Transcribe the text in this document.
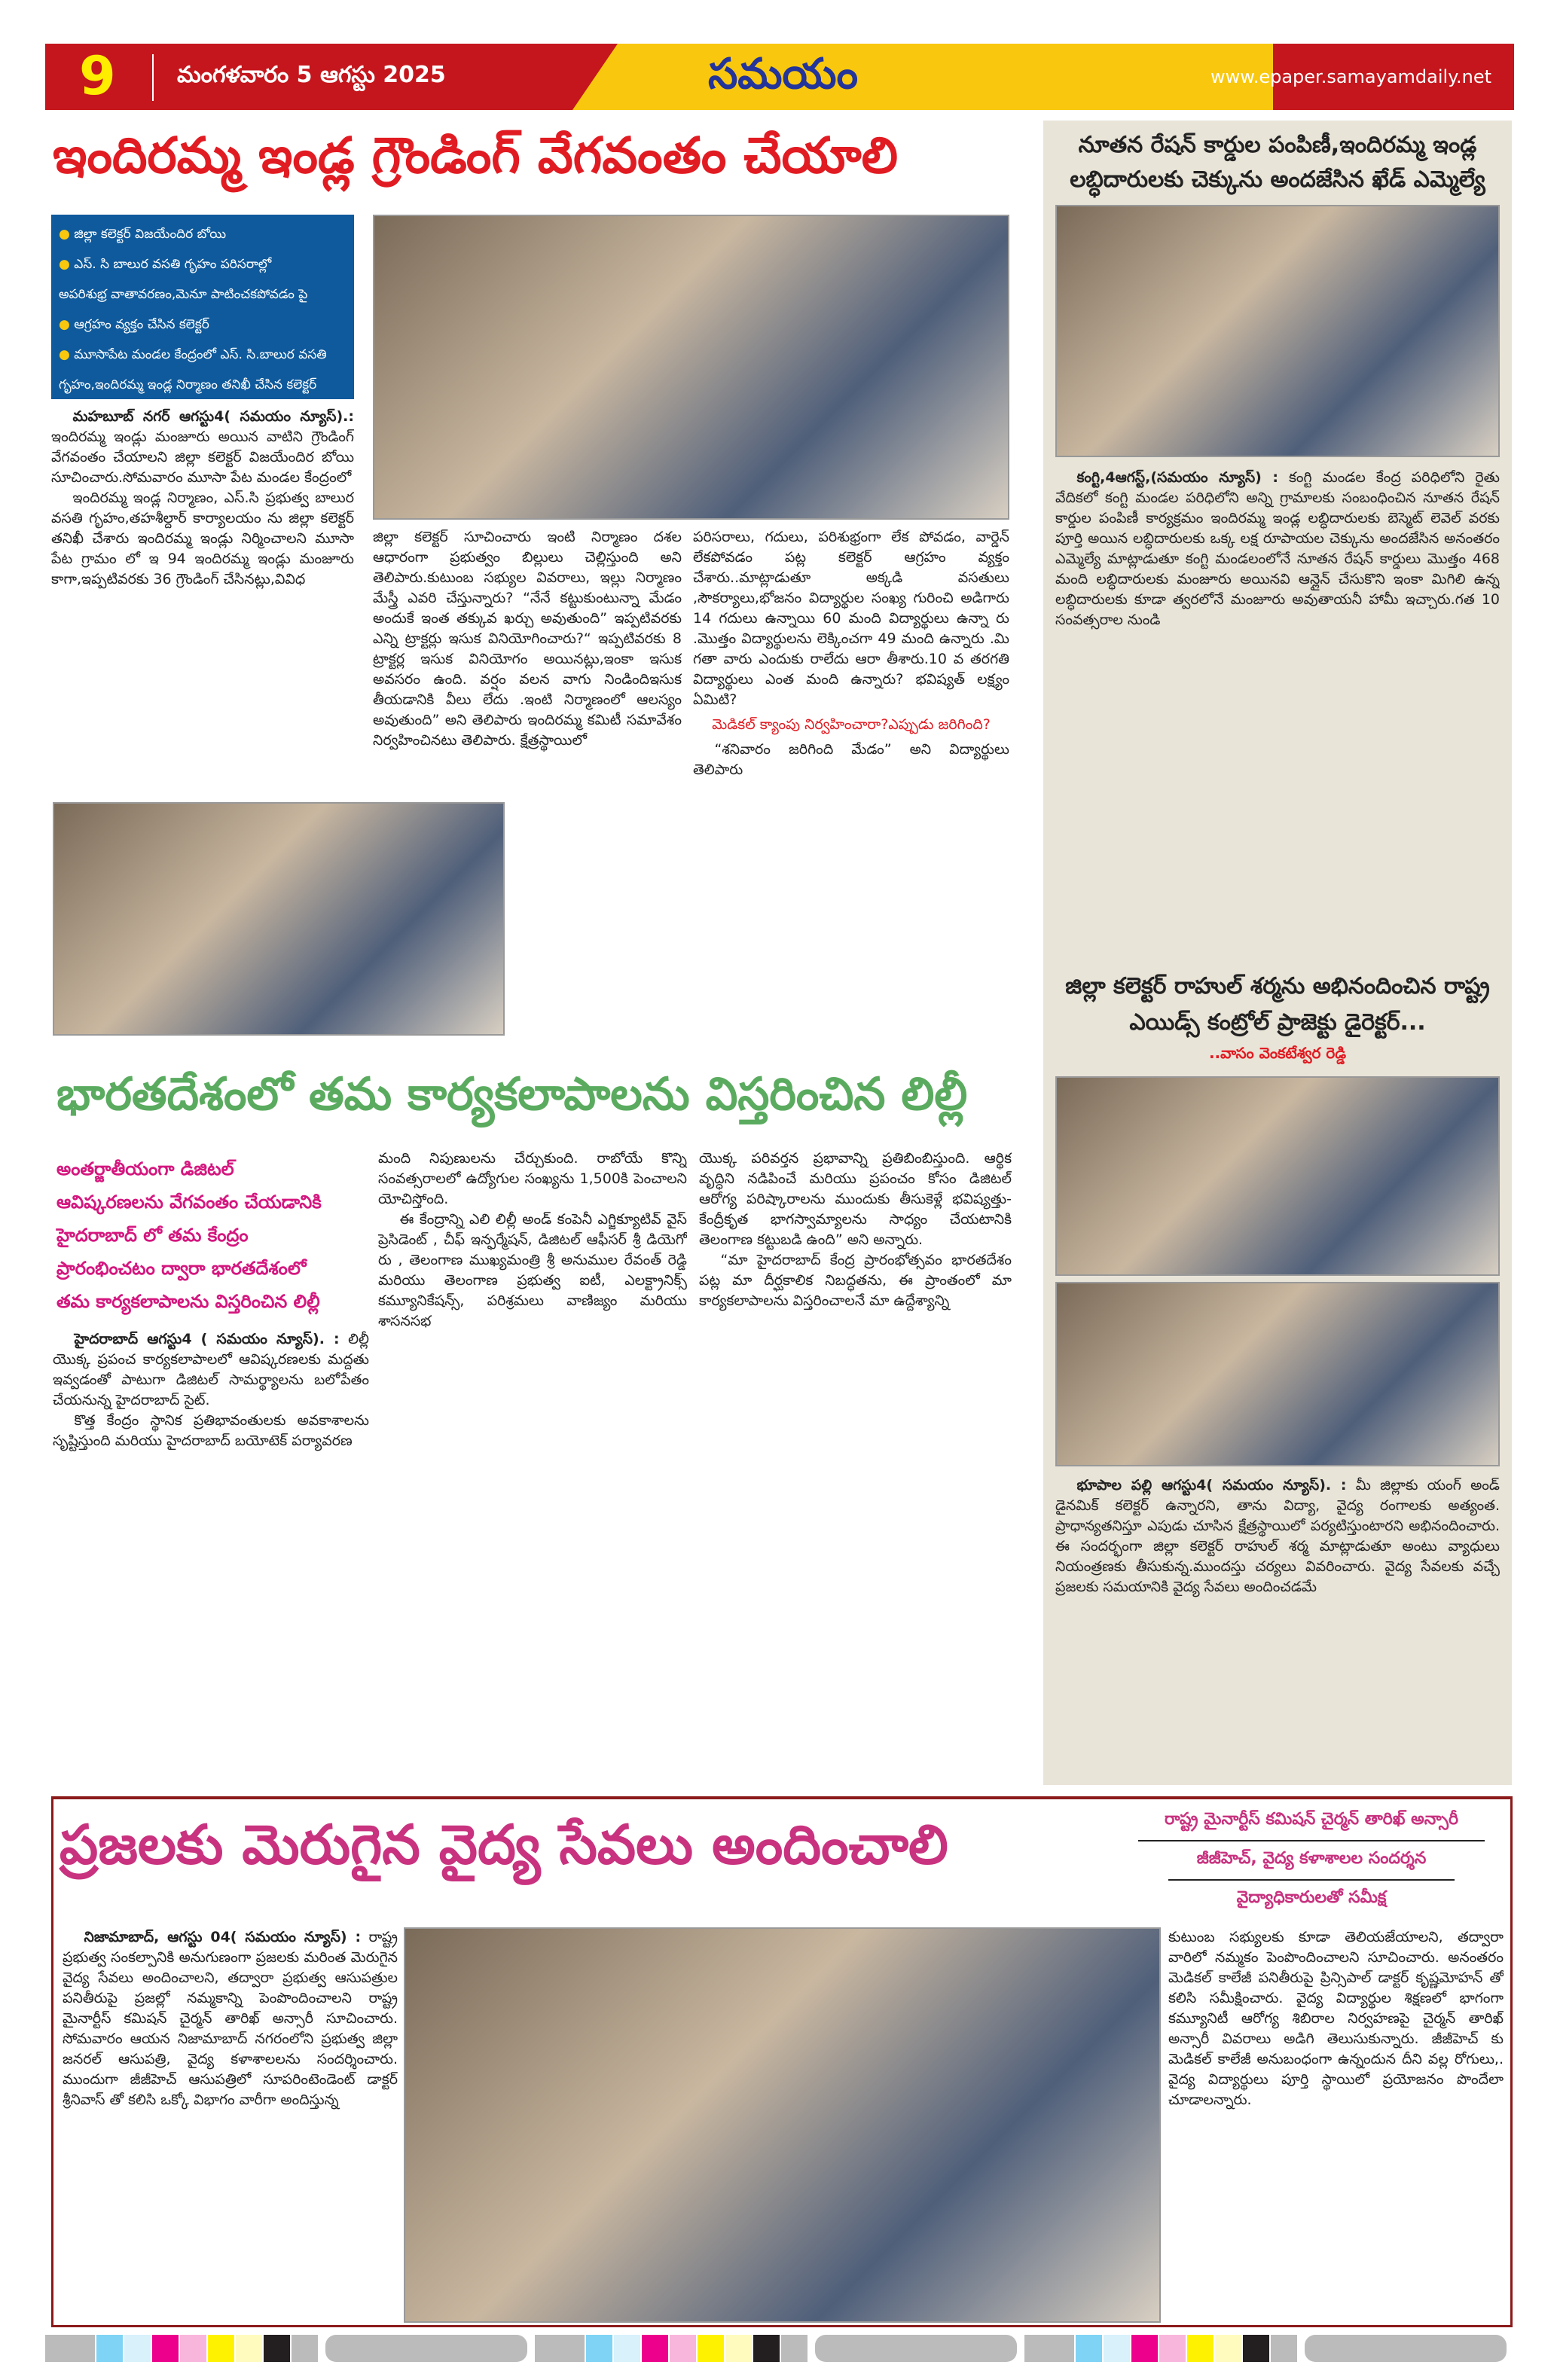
9	మంగళవారం 5 ఆగస్టు 2025	సమయం	www.epaper.samayamdaily.net
ఇందిరమ్మ ఇండ్ల గ్రౌండింగ్ వేగవంతం చేయాలి
● జిల్లా కలెక్టర్ విజయేందిర బోయి
● ఎస్. సి బాలుర వసతి గృహం పరిసరాల్లో
అపరిశుభ్ర వాతావరణం,మెనూ పాటించకపోవడం పై
● ఆగ్రహం వ్యక్తం చేసిన కలెక్టర్
● మూసాపేట మండల కేంద్రంలో ఎస్. సి.బాలుర వసతి
గృహం,ఇందిరమ్మ ఇండ్ల నిర్మాణం తనిఖీ చేసిన కలెక్టర్

మహబూబ్ నగర్ ఆగస్టు4( సమయం న్యూస్).: ఇందిరమ్మ ఇండ్లు మంజూరు అయిన వాటిని గ్రౌండింగ్ వేగవంతం చేయాలని జిల్లా కలెక్టర్ విజయేందిర బోయి సూచించారు.సోమవారం మూసా పేట మండల కేంద్రంలో

ఇందిరమ్మ ఇండ్ల నిర్మాణం, ఎస్.సి ప్రభుత్వ బాలుర వసతి గృహం,తహశీల్దార్ కార్యాలయం ను జిల్లా కలెక్టర్ తనిఖీ చేశారు ఇందిరమ్మ ఇండ్లు నిర్మించాలని మూసా పేట గ్రామం లో ఇ 94 ఇందిరమ్మ ఇండ్లు మంజూరు కాగా,ఇప్పటివరకు 36 గ్రౌండింగ్ చేసినట్లు,వివిధ

జిల్లా కలెక్టర్ సూచించారు ఇంటి నిర్మాణం దశల ఆధారంగా ప్రభుత్వం బిల్లులు చెల్లిస్తుంది అని తెలిపారు.కుటుంబ సభ్యుల వివరాలు, ఇల్లు నిర్మాణం మేస్త్రీ ఎవరి చేస్తున్నారు? “నేనే కట్టుకుంటున్నా మేడం అందుకే ఇంత తక్కువ ఖర్చు అవుతుంది” ఇప్పటివరకు ఎన్ని ట్రాక్టర్లు ఇసుక వినియోగించారు?“ ఇప్పటివరకు 8 ట్రాక్టర్ల ఇసుక వినియోగం అయినట్లు,ఇంకా ఇసుక అవసరం ఉంది. వర్షం వలన వాగు నిండిందిఇసుక తీయడానికి వీలు లేదు .ఇంటి నిర్మాణంలో ఆలస్యం అవుతుంది” అని తెలిపారు ఇందిరమ్మ కమిటీ సమావేశం నిర్వహించినటు తెలిపారు. క్షేత్రస్థాయిలో
పరిసరాలు, గదులు, పరిశుభ్రంగా లేక పోవడం, వార్డెన్ లేకపోవడం పట్ల కలెక్టర్ ఆగ్రహం వ్యక్తం చేశారు..మాట్లాడుతూ అక్కడి వసతులు ,సౌకర్యాలు,భోజనం విద్యార్థుల సంఖ్య గురించి అడిగారు 14 గదులు ఉన్నాయి 60 మంది విద్యార్థులు ఉన్నా రు .మొత్తం విద్యార్థులను లెక్కించగా 49 మంది ఉన్నారు .మి గతా వారు ఎందుకు రాలేదు ఆరా తీశారు.10 వ తరగతి విద్యార్థులు ఎంత మంది ఉన్నారు? భవిష్యత్ లక్ష్యం ఏమిటి?
మెడికల్ క్యాంపు నిర్వహించారా?ఎప్పుడు జరిగింది?

“శనివారం జరిగింది మేడం” అని విద్యార్థులు తెలిపారు

భారతదేశంలో తమ కార్యకలాపాలను విస్తరించిన లిల్లీ
అంతర్జాతీయంగా డిజిటల్
ఆవిష్కరణలను వేగవంతం చేయడానికి
హైదరాబాద్ లో తమ కేంద్రం
ప్రారంభించటం ద్వారా భారతదేశంలో
తమ కార్యకలాపాలను విస్తరించిన లిల్లీ

హైదరాబాద్ ఆగస్టు4 ( సమయం న్యూస్). : లిల్లీ యొక్క ప్రపంచ కార్యకలాపాలలో ఆవిష్కరణలకు మద్దతు ఇవ్వడంతో పాటుగా డిజిటల్ సామర్థ్యాలను బలోపేతం చేయనున్న హైదరాబాద్ సైట్.

కొత్త కేంద్రం స్థానిక ప్రతిభావంతులకు అవకాశాలను సృష్టిస్తుంది మరియు హైదరాబాద్ బయోటెక్ పర్యావరణ

మంది నిపుణులను చేర్చుకుంది. రాబోయే కొన్ని సంవత్సరాలలో ఉద్యోగుల సంఖ్యను 1,500కి పెంచాలని యోచిస్తోంది.

ఈ కేంద్రాన్ని ఎలి లిల్లీ అండ్ కంపెనీ ఎగ్జిక్యూటివ్ వైస్ ప్రెసిడెంట్ , చీఫ్ ఇన్ఫర్మేషన్, డిజిటల్ ఆఫీసర్ శ్రీ డియెగో రు , తెలంగాణ ముఖ్యమంత్రి శ్రీ అనుముల రేవంత్ రెడ్డి మరియు తెలంగాణ ప్రభుత్వ ఐటీ, ఎలక్ట్రానిక్స్ కమ్యూనికేషన్స్, పరిశ్రమలు వాణిజ్యం మరియు శాసనసభ

యొక్క పరివర్తన ప్రభావాన్ని ప్రతిబింబిస్తుంది. ఆర్థిక వృద్ధిని నడిపించే మరియు ప్రపంచం కోసం డిజిటల్ ఆరోగ్య పరిష్కారాలను ముందుకు తీసుకెళ్లే భవిష్యత్తు-కేంద్రీకృత భాగస్వామ్యాలను సాధ్యం చేయటానికి తెలంగాణ కట్టుబడి ఉంది” అని అన్నారు.

“మా హైదరాబాద్ కేంద్ర ప్రారంభోత్సవం భారతదేశం పట్ల మా దీర్ఘకాలిక నిబద్ధతను, ఈ ప్రాంతంలో మా కార్యకలాపాలను విస్తరించాలనే మా ఉద్దేశ్యాన్ని

నూతన రేషన్ కార్డుల పంపిణీ,ఇందిరమ్మ ఇండ్ల లబ్ధిదారులకు చెక్కును అందజేసిన ఖేడ్ ఎమ్మెల్యే

కంగ్టి,4ఆగస్ట్,(సమయం న్యూస్) : కంగ్టి మండల కేంద్ర పరిధిలోని రైతు వేదికలో కంగ్టి మండల పరిధిలోని అన్ని గ్రామాలకు సంబంధించిన నూతన రేషన్ కార్డుల పంపిణీ కార్యక్రమం ఇందిరమ్మ ఇండ్ల లబ్ధిదారులకు బెస్మెట్ లెవెల్ వరకు పూర్తి అయిన లబ్ధిదారులకు ఒక్క లక్ష రూపాయల చెక్కును అందజేసిన అనంతరం ఎమ్మెల్యే మాట్లాడుతూ కంగ్టి మండలంలోనే నూతన రేషన్ కార్డులు మొత్తం 468 మంది లబ్ధిదారులకు మంజూరు అయినవి ఆన్లైన్ చేసుకొని ఇంకా మిగిలి ఉన్న లబ్ధిదారులకు కూడా త్వరలోనే మంజూరు అవుతాయనీ హామీ ఇచ్చారు.గత 10 సంవత్సరాల నుండి

జిల్లా కలెక్టర్ రాహుల్ శర్మను అభినందించిన రాష్ట్ర ఎయిడ్స్ కంట్రోల్ ప్రాజెక్టు డైరెక్టర్...
..వాసం వెంకటేశ్వర రెడ్డి

భూపాల పల్లి ఆగస్టు4( సమయం న్యూస్). : మీ జిల్లాకు యంగ్ అండ్ డైనమిక్ కలెక్టర్ ఉన్నారని, తాను విద్యా, వైద్య రంగాలకు అత్యంత. ప్రాధాన్యతనిస్తూ ఎపుడు చూసిన క్షేత్రస్థాయిలో పర్యటిస్తుంటారని అభినందించారు. ఈ సందర్భంగా జిల్లా కలెక్టర్ రాహుల్ శర్మ మాట్లాడుతూ అంటు వ్యాధులు నియంత్రణకు తీసుకున్న.ముందస్తు చర్యలు వివరించారు. వైద్య సేవలకు వచ్చే ప్రజలకు సమయానికి వైద్య సేవలు అందించడమే

ప్రజలకు మెరుగైన వైద్య సేవలు అందించాలి	రాష్ట్ర మైనార్టీస్ కమిషన్ చైర్మన్ తారిఖ్ అన్సారీ
జీజీహెచ్, వైద్య కళాశాలల సందర్శన
వైద్యాధికారులతో సమీక్ష

నిజామాబాద్, ఆగస్టు 04( సమయం న్యూస్) : రాష్ట్ర ప్రభుత్వ సంకల్పానికి అనుగుణంగా ప్రజలకు మరింత మెరుగైన వైద్య సేవలు అందించాలని, తద్వారా ప్రభుత్వ ఆసుపత్రుల పనితీరుపై ప్రజల్లో నమ్మకాన్ని పెంపొందించాలని రాష్ట్ర మైనార్టీస్ కమిషన్ చైర్మన్ తారిఖ్ అన్సారీ సూచించారు. సోమవారం ఆయన నిజామాబాద్ నగరంలోని ప్రభుత్వ జిల్లా జనరల్ ఆసుపత్రి, వైద్య కళాశాలలను సందర్శించారు. ముందుగా జీజీహెచ్ ఆసుపత్రిలో సూపరింటెండెంట్ డాక్టర్ శ్రీనివాస్ తో కలిసి ఒక్కో విభాగం వారీగా అందిస్తున్న

కుటుంబ సభ్యులకు కూడా తెలియజేయాలని, తద్వారా వారిలో నమ్మకం పెంపొందించాలని సూచించారు. అనంతరం మెడికల్ కాలేజీ పనితీరుపై ప్రిన్సిపాల్ డాక్టర్ కృష్ణమోహన్ తో కలిసి సమీక్షించారు. వైద్య విద్యార్థుల శిక్షణలో భాగంగా కమ్యూనిటీ ఆరోగ్య శిబిరాల నిర్వహణపై చైర్మన్ తారిఖ్ అన్సారీ వివరాలు అడిగి తెలుసుకున్నారు. జీజీహెచ్ కు మెడికల్ కాలేజీ అనుబంధంగా ఉన్నందున దీని వల్ల రోగులు,. వైద్య విద్యార్థులు పూర్తి స్థాయిలో ప్రయోజనం పొందేలా చూడాలన్నారు.
